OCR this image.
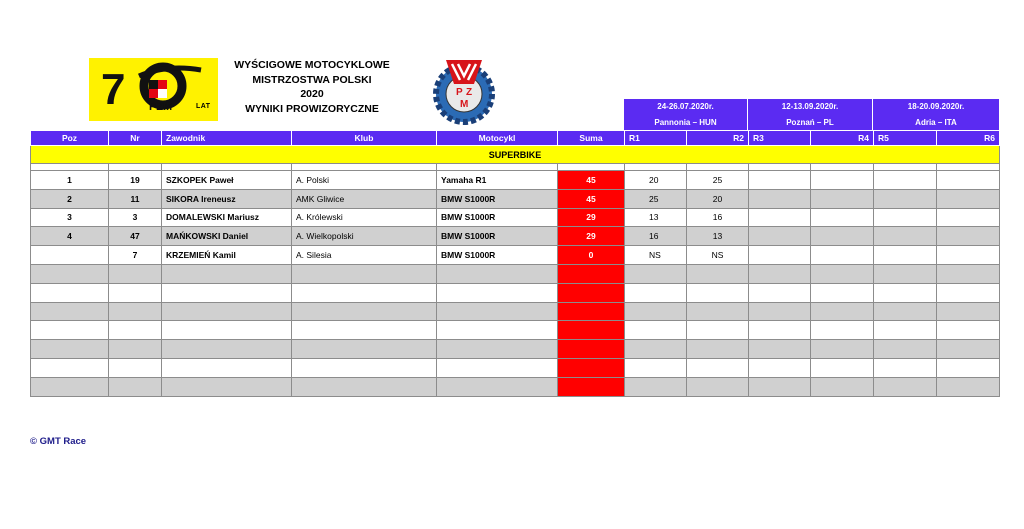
7 PZM	LAT
WYŚCIGOWE MOTOCYKLOWE
MISTRZOSTWA POLSKI
2020
WYNIKI PROWIZORYCZNE
P Z
M	24-26.07.2020r.	12-13.09.2020r.	18-20.09.2020r.
Pannonia – HUN	Poznań – PL	Adria – ITA
Poz	Nr	Zawodnik	Klub	Motocykl	Suma	R1	R2	R3	R4	R5	R6
SUPERBIKE											

1	19	SZKOPEK Paweł	A. Polski	Yamaha R1	45	20	25				
2	11	SIKORA Ireneusz	AMK Gliwice	BMW S1000R	45	25	20				
3	3	DOMALEWSKI Mariusz	A. Królewski	BMW S1000R	29	13	16				
4	47	MAŃKOWSKI Daniel	A. Wielkopolski	BMW S1000R	29	16	13				
	7	KRZEMIEŃ Kamil	A. Silesia	BMW S1000R	0	NS	NS				

© GMT Race
